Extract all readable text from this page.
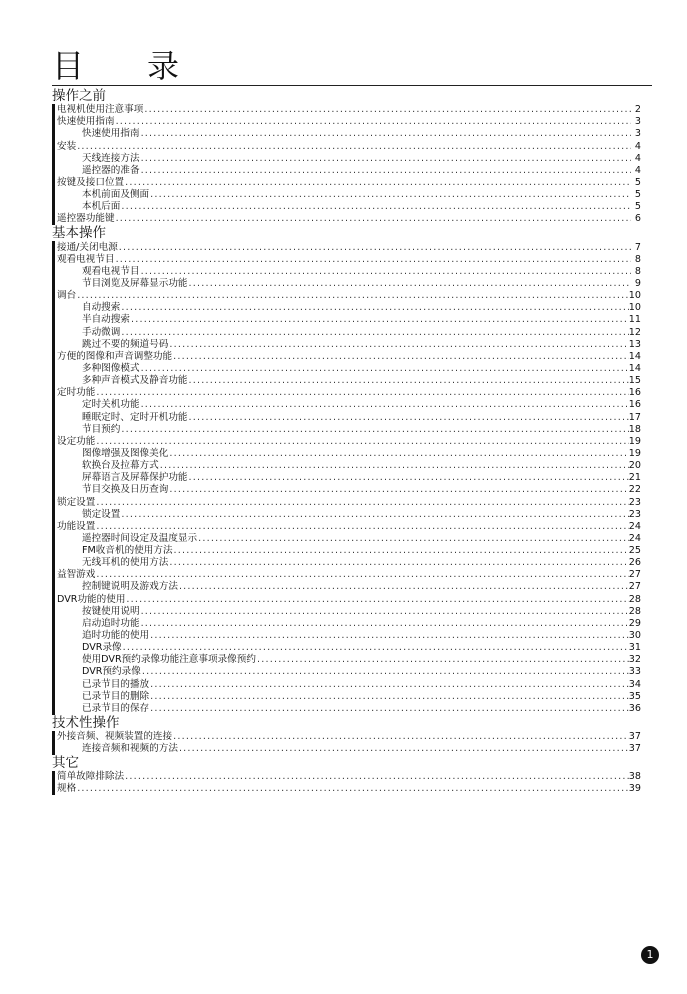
目 录
操作之前
电视机使用注意事项 .....	2
快速使用指南 .....	3
快速使用指南 .....	3
安装 .....	4
天线连接方法 .....	4
遥控器的准备 .....	4
按键及接口位置 .....	5
本机前面及侧面 .....	5
本机后面 .....	5
遥控器功能键 .....	6
基本操作
接通/关闭电源 .....	7
观看电视节目 .....	8
观看电视节目 .....	8
节目浏览及屏幕显示功能 .....	9
调台 .....	10
自动搜索 .....	10
半自动搜索 .....	11
手动微调 .....	12
跳过不要的频道号码 .....	13
方便的图像和声音调整功能 .....	14
多种图像模式 .....	14
多种声音模式及静音功能 .....	15
定时功能 .....	16
定时关机功能 .....	16
睡眠定时、定时开机功能 .....	17
节目预约 .....	18
设定功能 .....	19
图像增强及图像美化 .....	19
软换台及拉幕方式 .....	20
屏幕语言及屏幕保护功能 .....	21
节目交换及日历查询 .....	22
锁定设置 .....	23
锁定设置 .....	23
功能设置 .....	24
遥控器时间设定及温度显示 .....	24
FM收音机的使用方法 .....	25
无线耳机的使用方法 .....	26
益智游戏 .....	27
控制键说明及游戏方法 .....	27
DVR功能的使用 .....	28
按键使用说明 .....	28
启动追时功能 .....	29
追时功能的使用 .....	30
DVR录像 .....	31
使用DVR预约录像功能注意事项录像预约 .....	32
DVR预约录像 .....	33
已录节目的播放 .....	34
已录节目的删除 .....	35
已录节目的保存 .....	36
技术性操作
外接音频、视频装置的连接 .....	37
连接音频和视频的方法 .....	37
其它
简单故障排除法 .....	38
规格 .....	39
1
